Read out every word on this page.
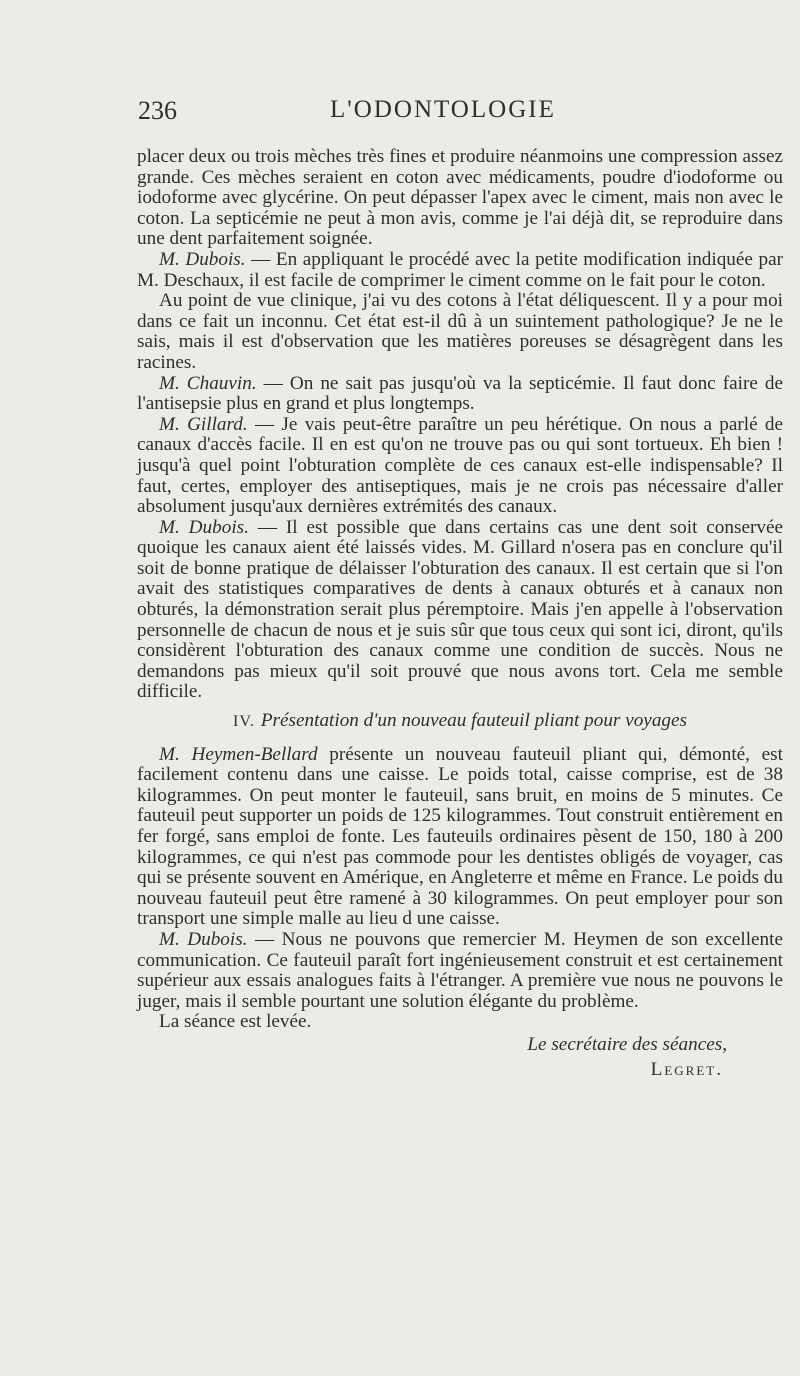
236	L'ODONTOLOGIE

placer deux ou trois mèches très fines et produire néanmoins une compression assez grande. Ces mèches seraient en coton avec médicaments, poudre d'iodoforme ou iodoforme avec glycérine. On peut dépasser l'apex avec le ciment, mais non avec le coton. La septicémie ne peut à mon avis, comme je l'ai déjà dit, se reproduire dans une dent parfaitement soignée.

M. Dubois. — En appliquant le procédé avec la petite modification indiquée par M. Deschaux, il est facile de comprimer le ciment comme on le fait pour le coton.

Au point de vue clinique, j'ai vu des cotons à l'état déliquescent. Il y a pour moi dans ce fait un inconnu. Cet état est-il dû à un suintement pathologique? Je ne le sais, mais il est d'observation que les matières poreuses se désagrègent dans les racines.

M. Chauvin. — On ne sait pas jusqu'où va la septicémie. Il faut donc faire de l'antisepsie plus en grand et plus longtemps.

M. Gillard. — Je vais peut-être paraître un peu hérétique. On nous a parlé de canaux d'accès facile. Il en est qu'on ne trouve pas ou qui sont tortueux. Eh bien ! jusqu'à quel point l'obturation complète de ces canaux est-elle indispensable? Il faut, certes, employer des antiseptiques, mais je ne crois pas nécessaire d'aller absolument jusqu'aux dernières extrémités des canaux.

M. Dubois. — Il est possible que dans certains cas une dent soit conservée quoique les canaux aient été laissés vides. M. Gillard n'osera pas en conclure qu'il soit de bonne pratique de délaisser l'obturation des canaux. Il est certain que si l'on avait des statistiques comparatives de dents à canaux obturés et à canaux non obturés, la démonstration serait plus péremptoire. Mais j'en appelle à l'observation personnelle de chacun de nous et je suis sûr que tous ceux qui sont ici, diront, qu'ils considèrent l'obturation des canaux comme une condition de succès. Nous ne demandons pas mieux qu'il soit prouvé que nous avons tort. Cela me semble difficile.

IV. Présentation d'un nouveau fauteuil pliant pour voyages

M. Heymen-Bellard présente un nouveau fauteuil pliant qui, démonté, est facilement contenu dans une caisse. Le poids total, caisse comprise, est de 38 kilogrammes. On peut monter le fauteuil, sans bruit, en moins de 5 minutes. Ce fauteuil peut supporter un poids de 125 kilogrammes. Tout construit entièrement en fer forgé, sans emploi de fonte. Les fauteuils ordinaires pèsent de 150, 180 à 200 kilogrammes, ce qui n'est pas commode pour les dentistes obligés de voyager, cas qui se présente souvent en Amérique, en Angleterre et même en France. Le poids du nouveau fauteuil peut être ramené à 30 kilogrammes. On peut employer pour son transport une simple malle au lieu d une caisse.

M. Dubois. — Nous ne pouvons que remercier M. Heymen de son excellente communication. Ce fauteuil paraît fort ingénieusement construit et est certainement supérieur aux essais analogues faits à l'étranger. A première vue nous ne pouvons le juger, mais il semble pourtant une solution élégante du problème.

La séance est levée.

Le secrétaire des séances,
Legret.
